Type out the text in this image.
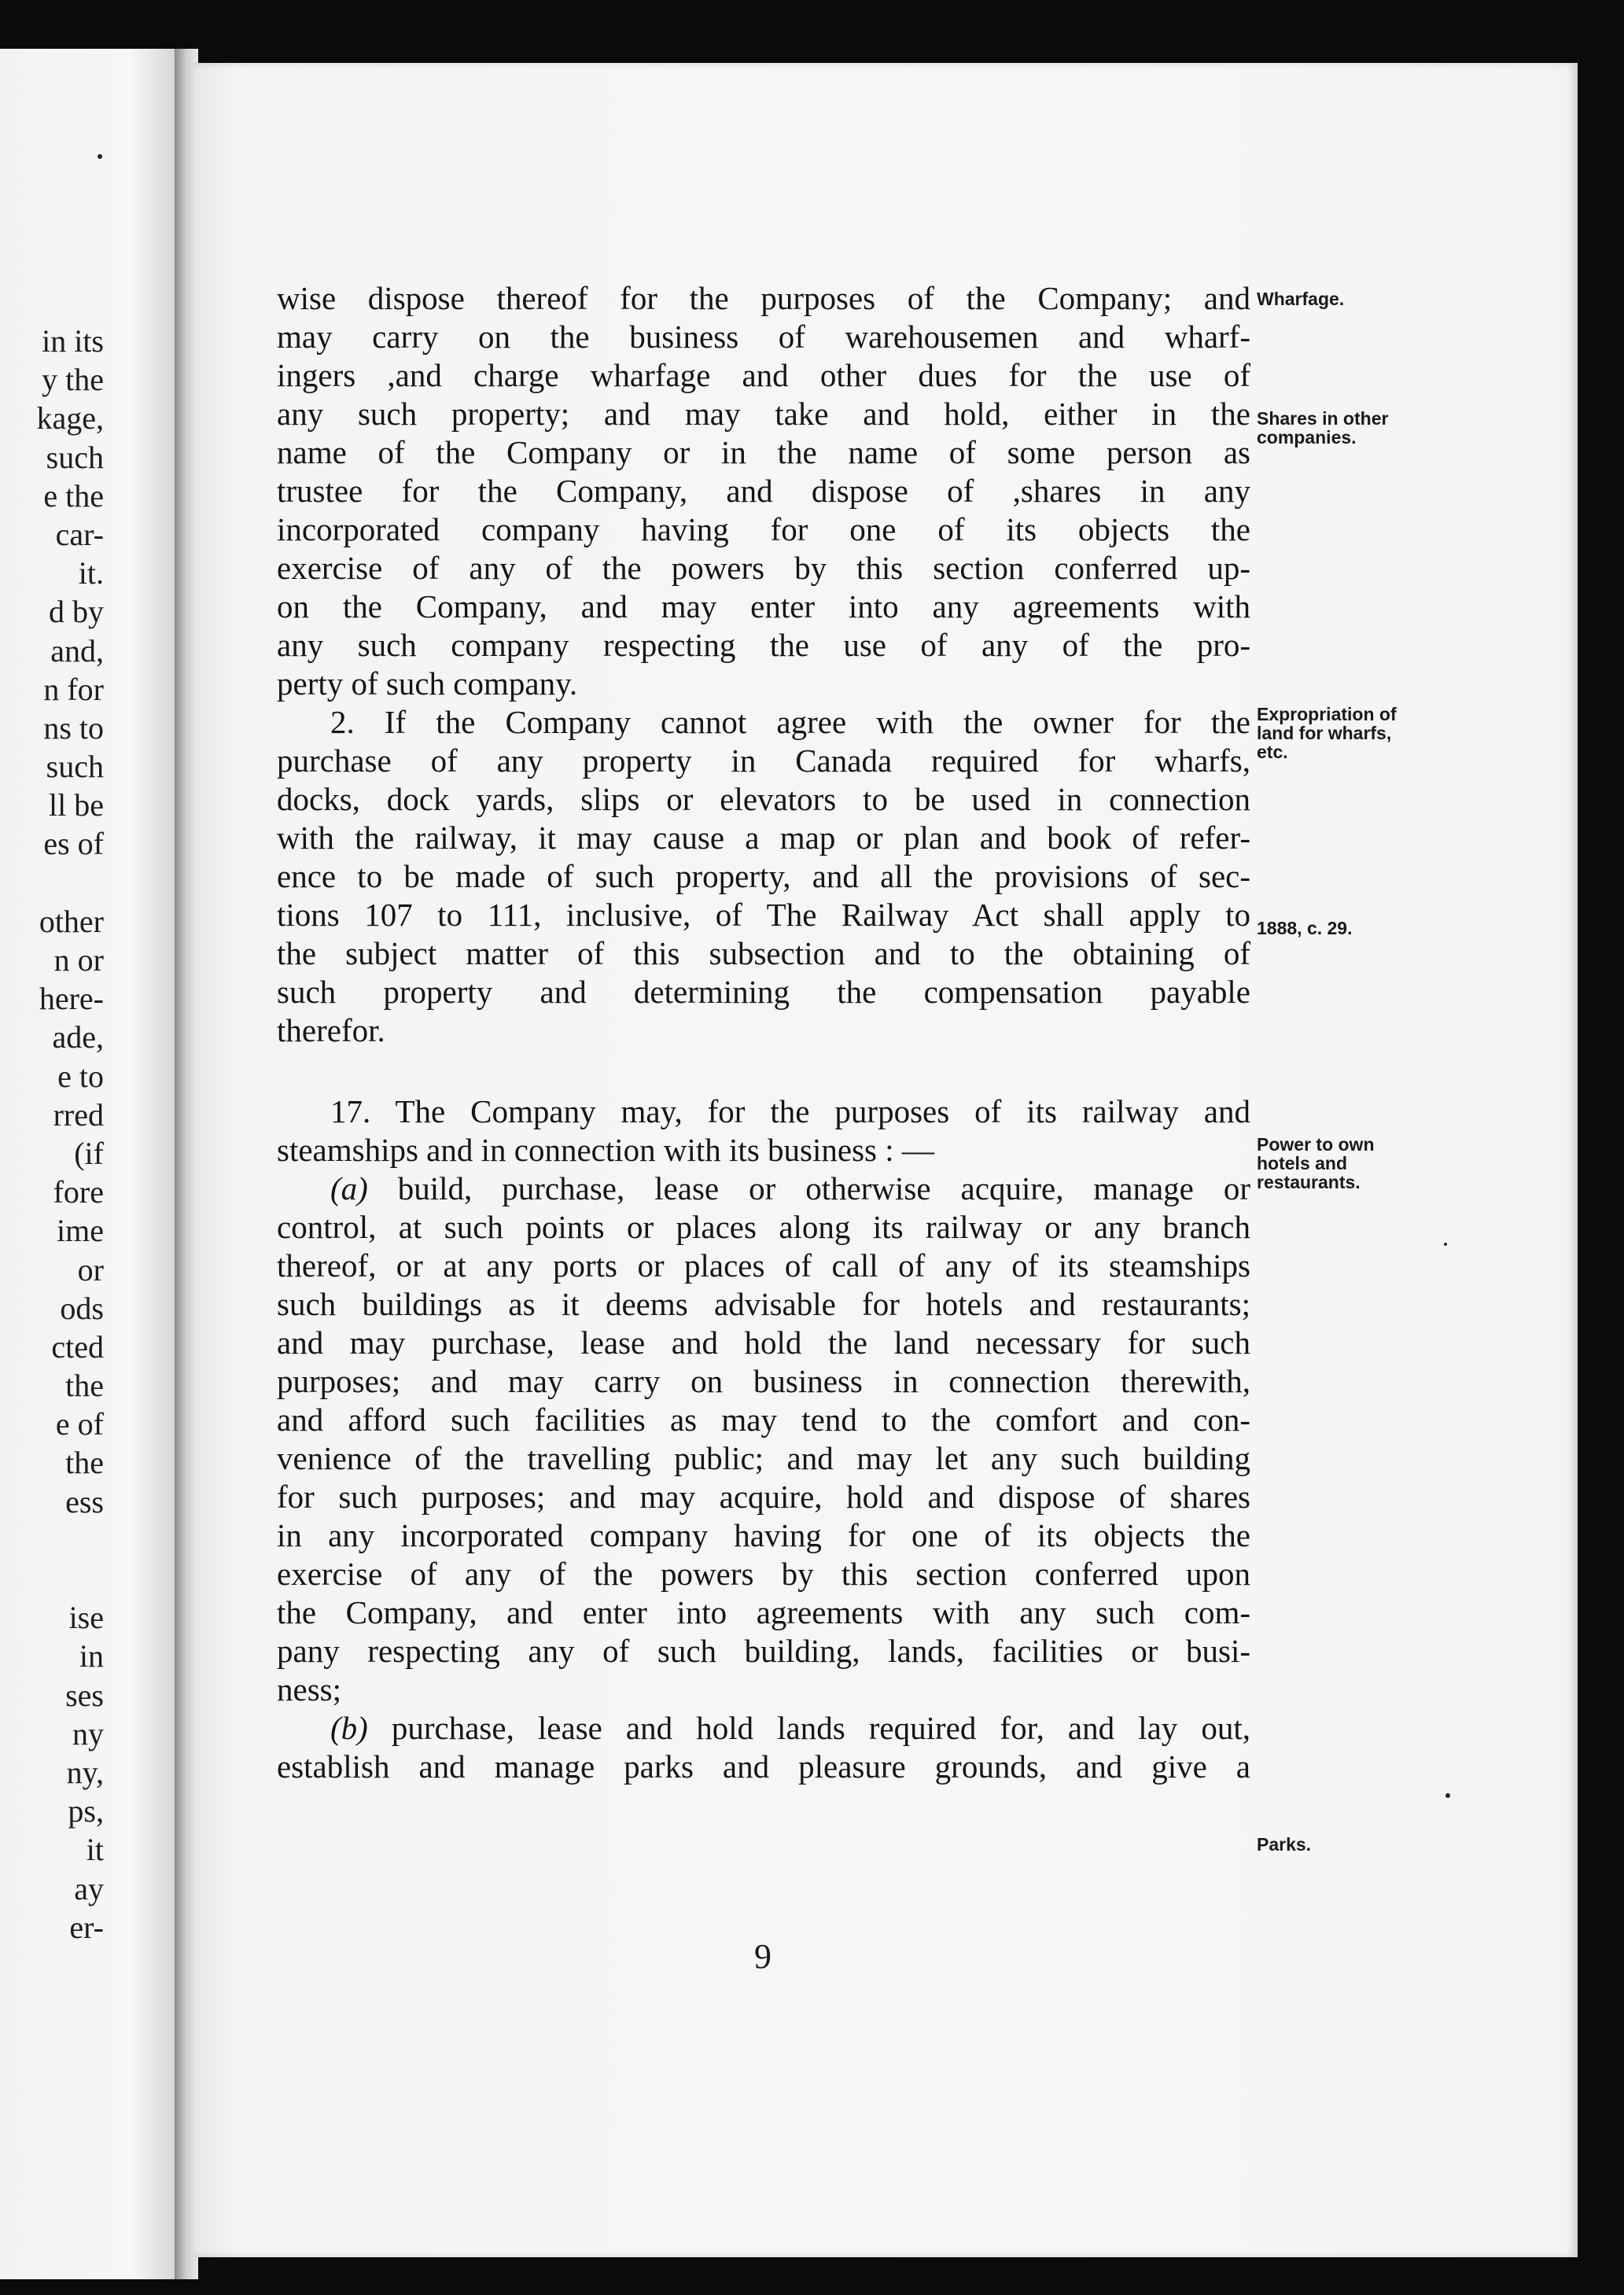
in its
y the
kage,
such
e the
car-
it.
d by
and,
n for
ns to
such
ll be
es of
other
n or
here-
ade,
e to
rred
(if
fore
ime
or
ods
cted
the
e of
the
ess
ise
in
ses
ny
ny,
ps,
it
ay
er-
wise dispose thereof for the purposes of the Company; and
may carry on the business of warehousemen and wharf-
ingers ,and charge wharfage and other dues for the use of
any such property; and may take and hold, either in the
name of the Company or in the name of some person as
trustee for the Company, and dispose of ,shares in any
incorporated company having for one of its objects the
exercise of any of the powers by this section conferred up-
on the Company, and may enter into any agreements with
any such company respecting the use of any of the pro-
perty of such company.
2. If the Company cannot agree with the owner for the
purchase of any property in Canada required for wharfs,
docks, dock yards, slips or elevators to be used in connection
with the railway, it may cause a map or plan and book of refer-
ence to be made of such property, and all the provisions of sec-
tions 107 to 111, inclusive, of The Railway Act shall apply to
the subject matter of this subsection and to the obtaining of
such property and determining the compensation payable
therefor.
17. The Company may, for the purposes of its railway and
steamships and in connection with its business : —
(a) build, purchase, lease or otherwise acquire, manage or
control, at such points or places along its railway or any branch
thereof, or at any ports or places of call of any of its steamships
such buildings as it deems advisable for hotels and restaurants;
and may purchase, lease and hold the land necessary for such
purposes; and may carry on business in connection therewith,
and afford such facilities as may tend to the comfort and con-
venience of the travelling public; and may let any such building
for such purposes; and may acquire, hold and dispose of shares
in any incorporated company having for one of its objects the
exercise of any of the powers by this section conferred upon
the Company, and enter into agreements with any such com-
pany respecting any of such building, lands, facilities or busi-
ness;
(b) purchase, lease and hold lands required for, and lay out,
establish and manage parks and pleasure grounds, and give a
Wharfage.
Shares in other companies.
Expropriation of land for wharfs, etc.
1888, c. 29.
Power to own hotels and restaurants.
Parks.
9
